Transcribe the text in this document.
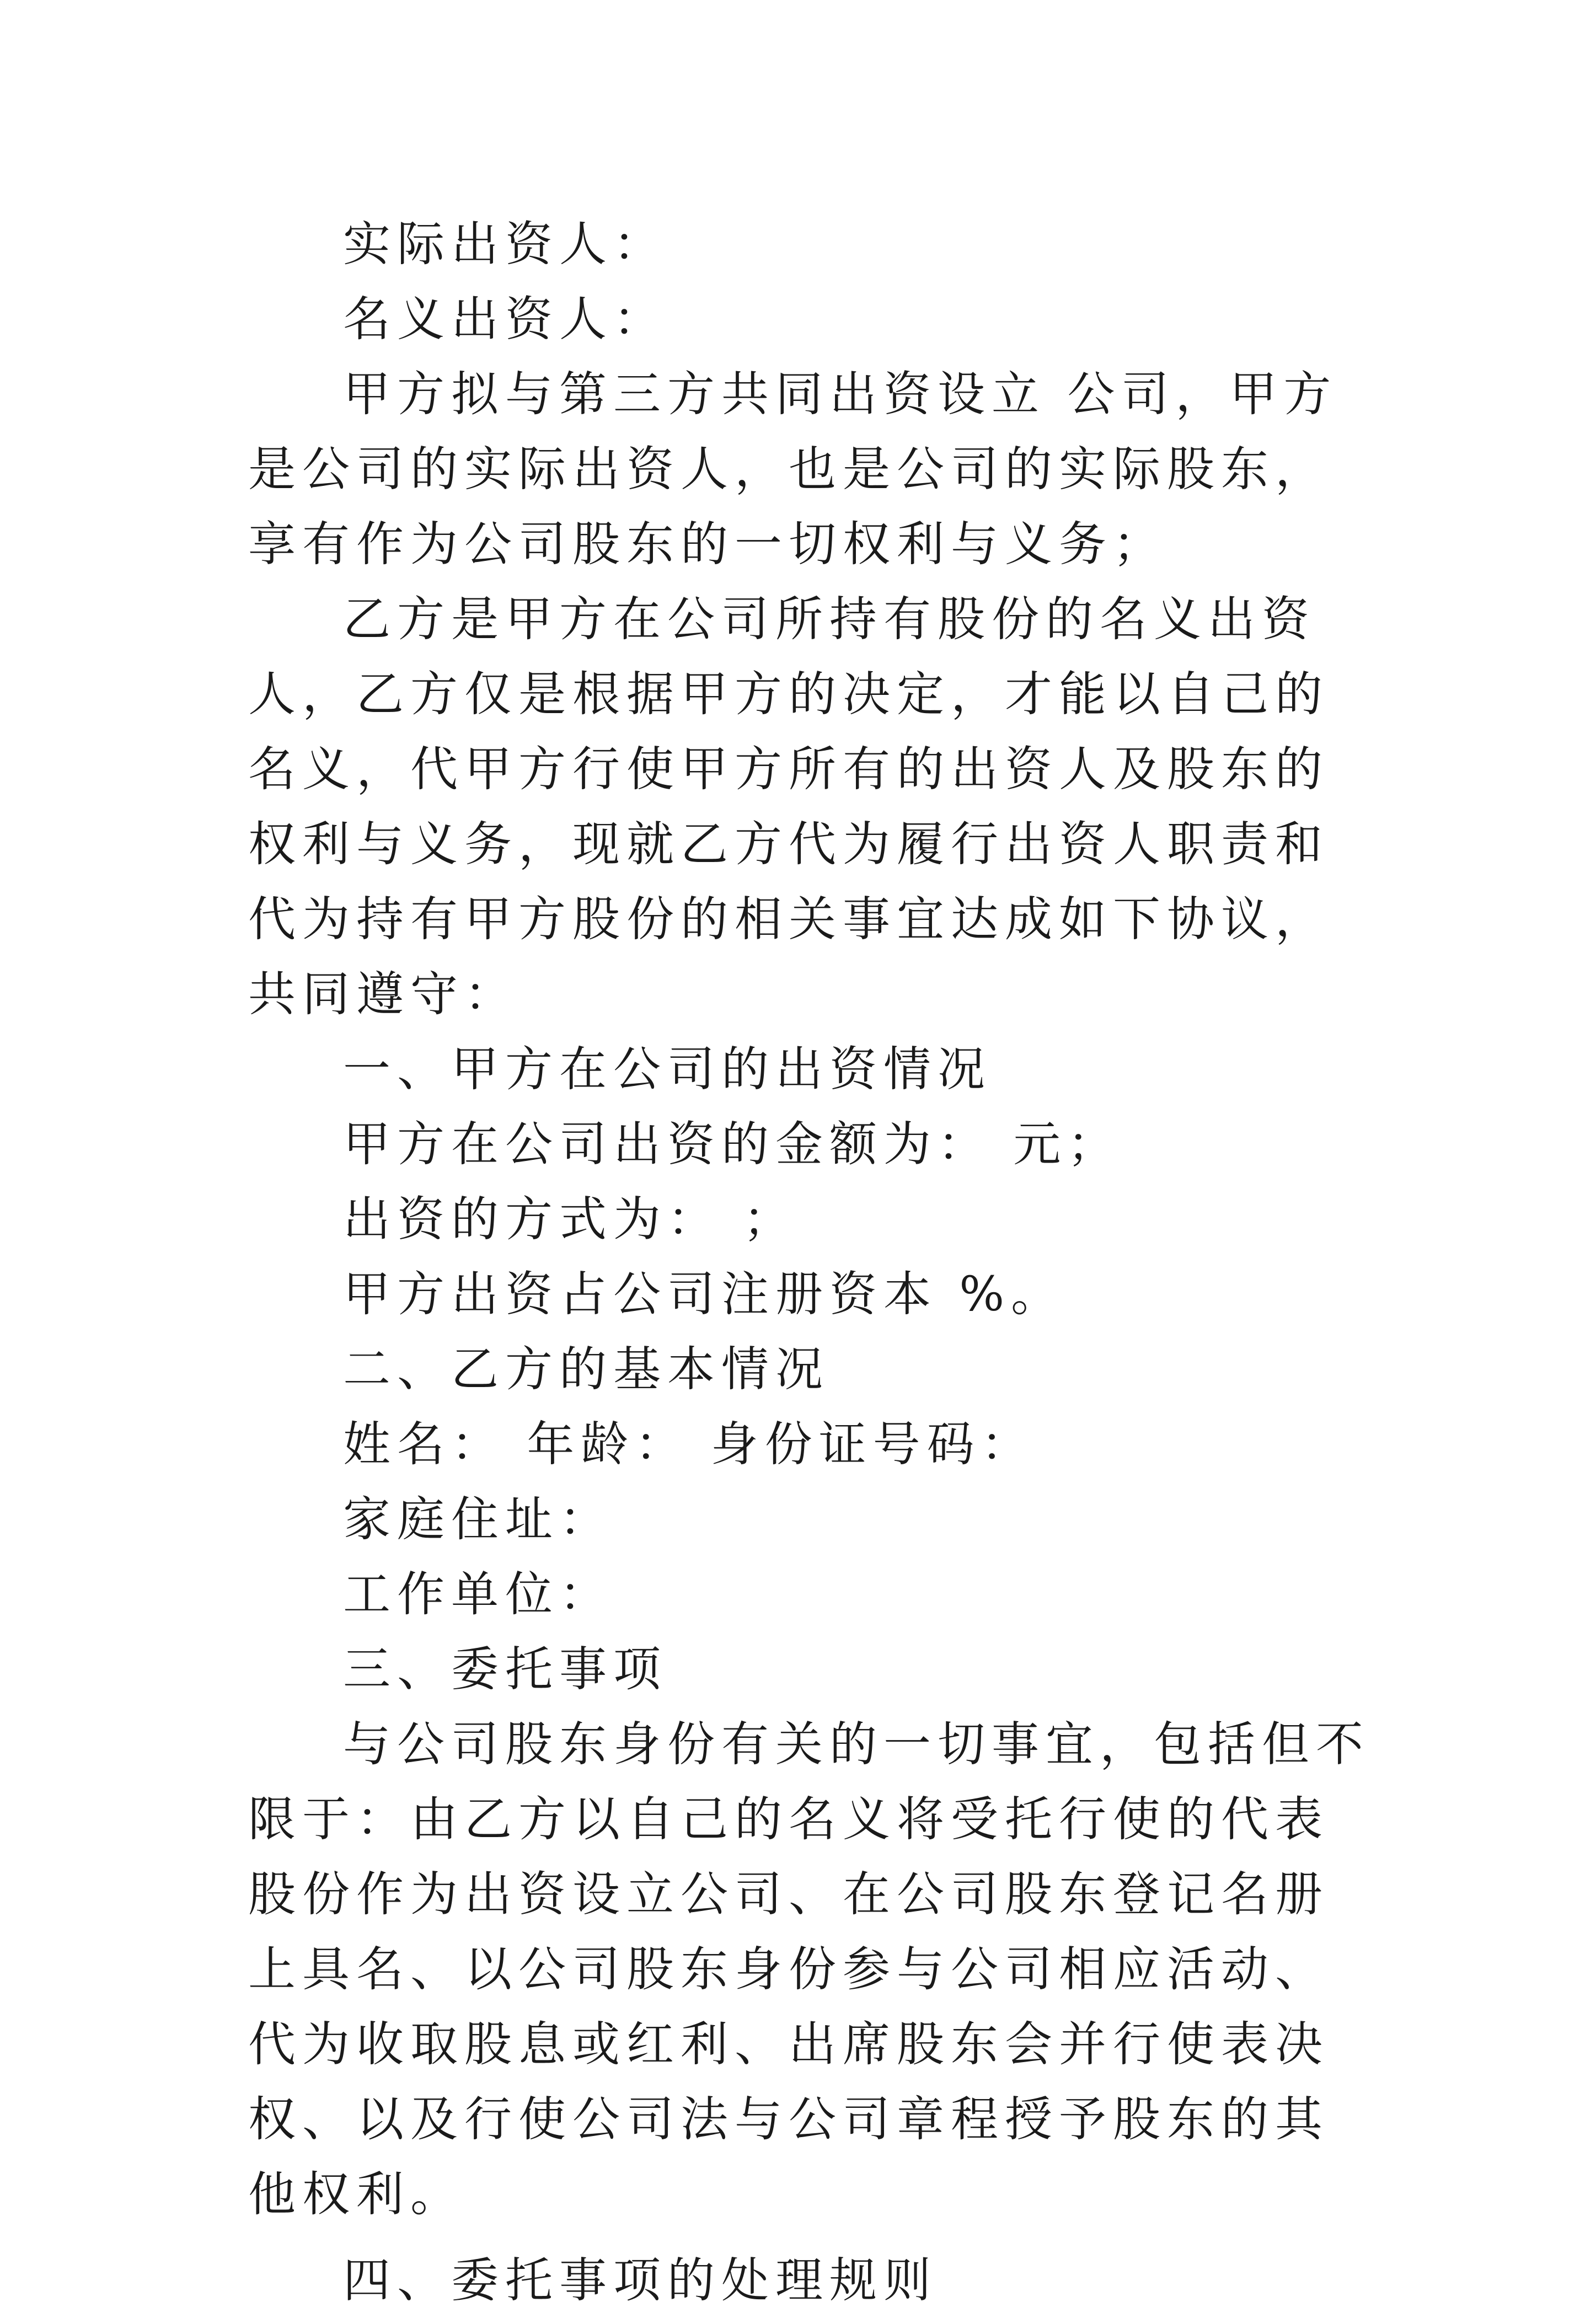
实际出资人：

名义出资人：

甲方拟与第三方共同出资设立 公司，甲方是公司的实际出资人，也是公司的实际股东，享有作为公司股东的一切权利与义务；

乙方是甲方在公司所持有股份的名义出资人，乙方仅是根据甲方的决定，才能以自己的名义，代甲方行使甲方所有的出资人及股东的权利与义务，现就乙方代为履行出资人职责和代为持有甲方股份的相关事宜达成如下协议，共同遵守：

一、甲方在公司的出资情况

甲方在公司出资的金额为： 元；

出资的方式为： ；

甲方出资占公司注册资本 %。

二、乙方的基本情况

姓名： 年龄： 身份证号码：

家庭住址：

工作单位：

三、委托事项

与公司股东身份有关的一切事宜，包括但不限于：由乙方以自己的名义将受托行使的代表股份作为出资设立公司、在公司股东登记名册上具名、以公司股东身份参与公司相应活动、代为收取股息或红利、出席股东会并行使表决权、以及行使公司法与公司章程授予股东的其他权利。

四、委托事项的处理规则
